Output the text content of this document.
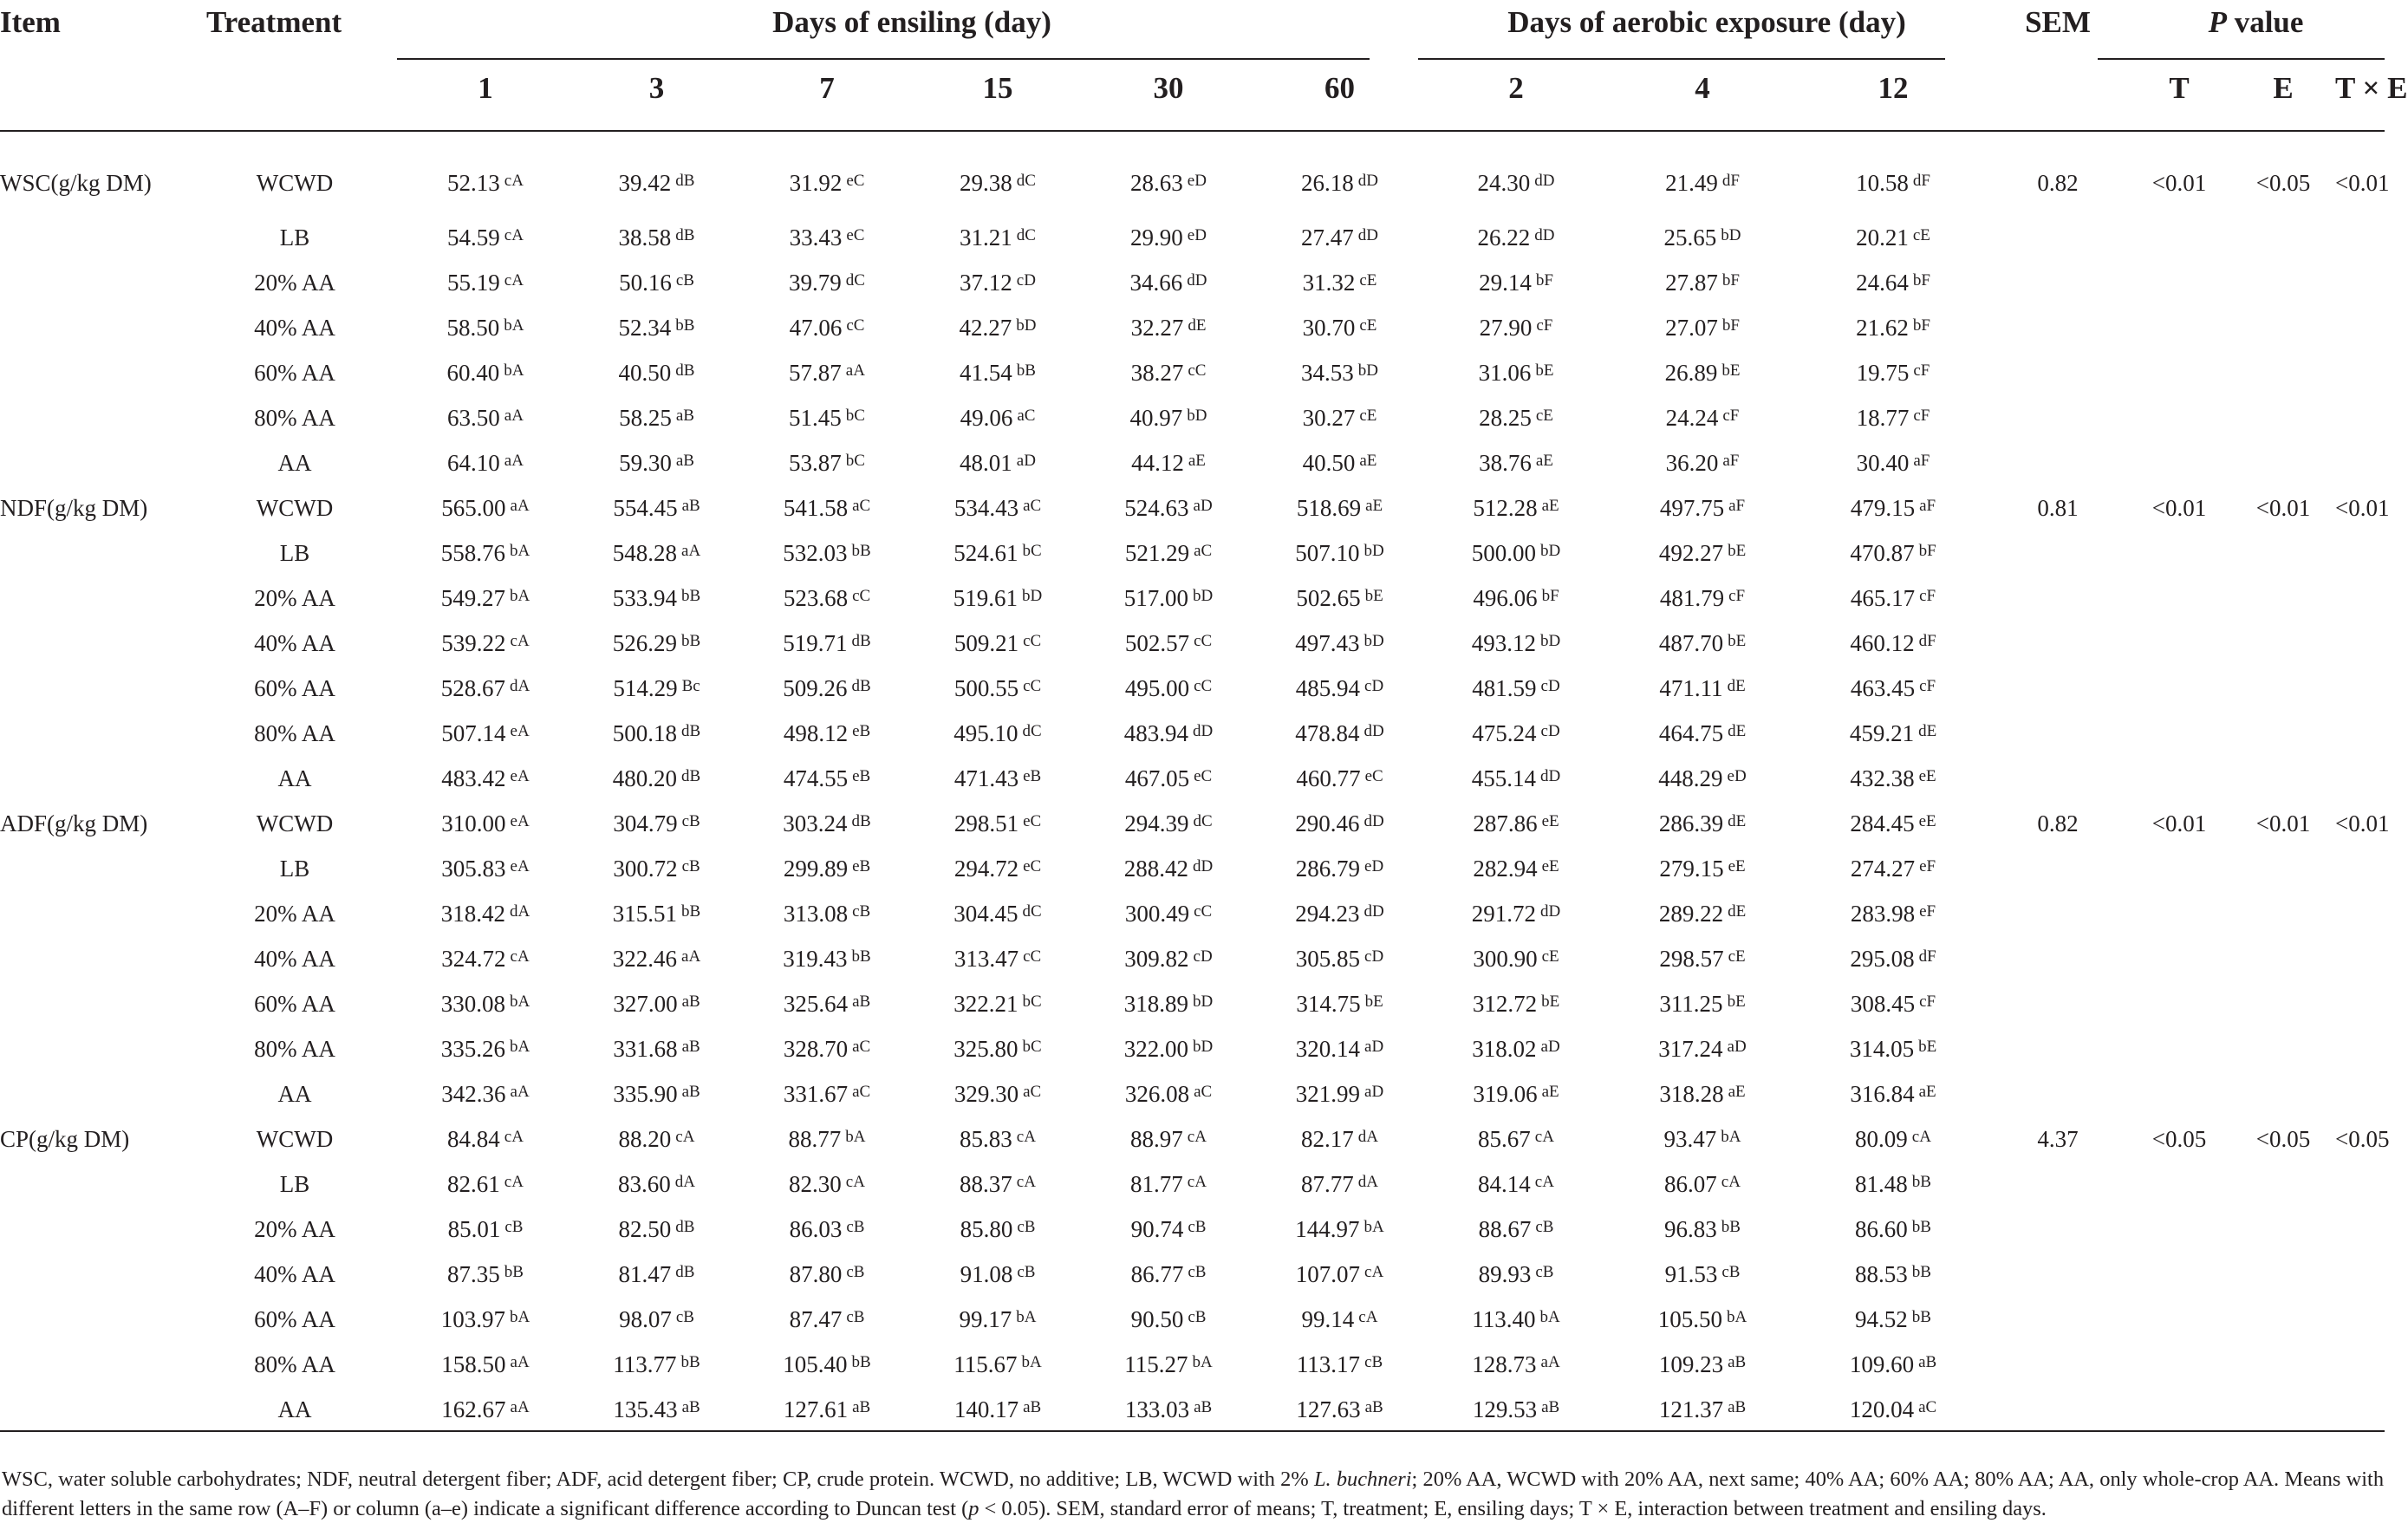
Item	Treatment	Days of ensiling (day)						Days of aerobic exposure (day)			SEM	P value		
		1	3	7	15	30	60	2	4	12		T	E	T × E
WSC(g/kg DM)	WCWD	52.13 $^{cA}$	39.42 $^{dB}$	31.92 $^{eC}$	29.38 $^{dC}$	28.63 $^{eD}$	26.18 $^{dD}$	24.30 $^{dD}$	21.49 $^{dF}$	10.58 $^{dF}$	0.82	<0.01	<0.05	<0.01
	LB	54.59 $^{cA}$	38.58 $^{dB}$	33.43 $^{eC}$	31.21 $^{dC}$	29.90 $^{eD}$	27.47 $^{dD}$	26.22 $^{dD}$	25.65 $^{bD}$	20.21 $^{cE}$				
	20% AA	55.19 $^{cA}$	50.16 $^{cB}$	39.79 $^{dC}$	37.12 $^{cD}$	34.66 $^{dD}$	31.32 $^{cE}$	29.14 $^{bF}$	27.87 $^{bF}$	24.64 $^{bF}$				
	40% AA	58.50 $^{bA}$	52.34 $^{bB}$	47.06 $^{cC}$	42.27 $^{bD}$	32.27 $^{dE}$	30.70 $^{cE}$	27.90 $^{cF}$	27.07 $^{bF}$	21.62 $^{bF}$				
	60% AA	60.40 $^{bA}$	40.50 $^{dB}$	57.87 $^{aA}$	41.54 $^{bB}$	38.27 $^{cC}$	34.53 $^{bD}$	31.06 $^{bE}$	26.89 $^{bE}$	19.75 $^{cF}$				
	80% AA	63.50 $^{aA}$	58.25 $^{aB}$	51.45 $^{bC}$	49.06 $^{aC}$	40.97 $^{bD}$	30.27 $^{cE}$	28.25 $^{cE}$	24.24 $^{cF}$	18.77 $^{cF}$				
	AA	64.10 $^{aA}$	59.30 $^{aB}$	53.87 $^{bC}$	48.01 $^{aD}$	44.12 $^{aE}$	40.50 $^{aE}$	38.76 $^{aE}$	36.20 $^{aF}$	30.40 $^{aF}$				
NDF(g/kg DM)	WCWD	565.00 $^{aA}$	554.45 $^{aB}$	541.58 $^{aC}$	534.43 $^{aC}$	524.63 $^{aD}$	518.69 $^{aE}$	512.28 $^{aE}$	497.75 $^{aF}$	479.15 $^{aF}$	0.81	<0.01	<0.01	<0.01
	LB	558.76 $^{bA}$	548.28 $^{aA}$	532.03 $^{bB}$	524.61 $^{bC}$	521.29 $^{aC}$	507.10 $^{bD}$	500.00 $^{bD}$	492.27 $^{bE}$	470.87 $^{bF}$				
	20% AA	549.27 $^{bA}$	533.94 $^{bB}$	523.68 $^{cC}$	519.61 $^{bD}$	517.00 $^{bD}$	502.65 $^{bE}$	496.06 $^{bF}$	481.79 $^{cF}$	465.17 $^{cF}$				
	40% AA	539.22 $^{cA}$	526.29 $^{bB}$	519.71 $^{dB}$	509.21 $^{cC}$	502.57 $^{cC}$	497.43 $^{bD}$	493.12 $^{bD}$	487.70 $^{bE}$	460.12 $^{dF}$				
	60% AA	528.67 $^{dA}$	514.29 $^{Bc}$	509.26 $^{dB}$	500.55 $^{cC}$	495.00 $^{cC}$	485.94 $^{cD}$	481.59 $^{cD}$	471.11 $^{dE}$	463.45 $^{cF}$				
	80% AA	507.14 $^{eA}$	500.18 $^{dB}$	498.12 $^{eB}$	495.10 $^{dC}$	483.94 $^{dD}$	478.84 $^{dD}$	475.24 $^{cD}$	464.75 $^{dE}$	459.21 $^{dE}$				
	AA	483.42 $^{eA}$	480.20 $^{dB}$	474.55 $^{eB}$	471.43 $^{eB}$	467.05 $^{eC}$	460.77 $^{eC}$	455.14 $^{dD}$	448.29 $^{eD}$	432.38 $^{eE}$				
ADF(g/kg DM)	WCWD	310.00 $^{eA}$	304.79 $^{cB}$	303.24 $^{dB}$	298.51 $^{eC}$	294.39 $^{dC}$	290.46 $^{dD}$	287.86 $^{eE}$	286.39 $^{dE}$	284.45 $^{eE}$	0.82	<0.01	<0.01	<0.01
	LB	305.83 $^{eA}$	300.72 $^{cB}$	299.89 $^{eB}$	294.72 $^{eC}$	288.42 $^{dD}$	286.79 $^{eD}$	282.94 $^{eE}$	279.15 $^{eE}$	274.27 $^{eF}$				
	20% AA	318.42 $^{dA}$	315.51 $^{bB}$	313.08 $^{cB}$	304.45 $^{dC}$	300.49 $^{cC}$	294.23 $^{dD}$	291.72 $^{dD}$	289.22 $^{dE}$	283.98 $^{eF}$				
	40% AA	324.72 $^{cA}$	322.46 $^{aA}$	319.43 $^{bB}$	313.47 $^{cC}$	309.82 $^{cD}$	305.85 $^{cD}$	300.90 $^{cE}$	298.57 $^{cE}$	295.08 $^{dF}$				
	60% AA	330.08 $^{bA}$	327.00 $^{aB}$	325.64 $^{aB}$	322.21 $^{bC}$	318.89 $^{bD}$	314.75 $^{bE}$	312.72 $^{bE}$	311.25 $^{bE}$	308.45 $^{cF}$				
	80% AA	335.26 $^{bA}$	331.68 $^{aB}$	328.70 $^{aC}$	325.80 $^{bC}$	322.00 $^{bD}$	320.14 $^{aD}$	318.02 $^{aD}$	317.24 $^{aD}$	314.05 $^{bE}$				
	AA	342.36 $^{aA}$	335.90 $^{aB}$	331.67 $^{aC}$	329.30 $^{aC}$	326.08 $^{aC}$	321.99 $^{aD}$	319.06 $^{aE}$	318.28 $^{aE}$	316.84 $^{aE}$				
CP(g/kg DM)	WCWD	84.84 $^{cA}$	88.20 $^{cA}$	88.77 $^{bA}$	85.83 $^{cA}$	88.97 $^{cA}$	82.17 $^{dA}$	85.67 $^{cA}$	93.47 $^{bA}$	80.09 $^{cA}$	4.37	<0.05	<0.05	<0.05
	LB	82.61 $^{cA}$	83.60 $^{dA}$	82.30 $^{cA}$	88.37 $^{cA}$	81.77 $^{cA}$	87.77 $^{dA}$	84.14 $^{cA}$	86.07 $^{cA}$	81.48 $^{bB}$				
	20% AA	85.01 $^{cB}$	82.50 $^{dB}$	86.03 $^{cB}$	85.80 $^{cB}$	90.74 $^{cB}$	144.97 $^{bA}$	88.67 $^{cB}$	96.83 $^{bB}$	86.60 $^{bB}$				
	40% AA	87.35 $^{bB}$	81.47 $^{dB}$	87.80 $^{cB}$	91.08 $^{cB}$	86.77 $^{cB}$	107.07 $^{cA}$	89.93 $^{cB}$	91.53 $^{cB}$	88.53 $^{bB}$				
	60% AA	103.97 $^{bA}$	98.07 $^{cB}$	87.47 $^{cB}$	99.17 $^{bA}$	90.50 $^{cB}$	99.14 $^{cA}$	113.40 $^{bA}$	105.50 $^{bA}$	94.52 $^{bB}$				
	80% AA	158.50 $^{aA}$	113.77 $^{bB}$	105.40 $^{bB}$	115.67 $^{bA}$	115.27 $^{bA}$	113.17 $^{cB}$	128.73 $^{aA}$	109.23 $^{aB}$	109.60 $^{aB}$				
	AA	162.67 $^{aA}$	135.43 $^{aB}$	127.61 $^{aB}$	140.17 $^{aB}$	133.03 $^{aB}$	127.63 $^{aB}$	129.53 $^{aB}$	121.37 $^{aB}$	120.04 $^{aC}$				
WSC, water soluble carbohydrates; NDF, neutral detergent fiber; ADF, acid detergent fiber; CP, crude protein. WCWD, no additive; LB, WCWD with 2% L. buchneri; 20% AA, WCWD with 20% AA, next same; 40% AA; 60% AA; 80% AA; AA, only whole-crop AA. Means with different letters in the same row (A–F) or column (a–e) indicate a significant difference according to Duncan test (p < 0.05). SEM, standard error of means; T, treatment; E, ensiling days; T × E, interaction between treatment and ensiling days.
